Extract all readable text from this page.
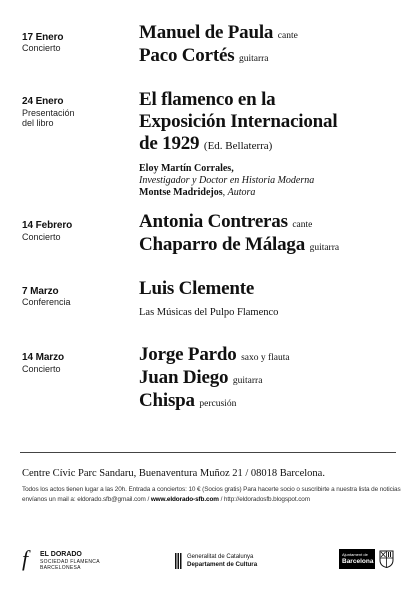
17 Enero
Concierto
Manuel de Paula cante
Paco Cortés guitarra
24 Enero
Presentación
del libro
El flamenco en la
Exposición Internacional
de 1929 (Ed. Bellaterra)
Eloy Martín Corrales,
Investigador y Doctor en Historia Moderna
Montse Madridejos, Autora
14 Febrero
Concierto
Antonia Contreras cante
Chaparro de Málaga guitarra
7 Marzo
Conferencia
Luis Clemente
Las Músicas del Pulpo Flamenco
14 Marzo
Concierto
Jorge Pardo saxo y flauta
Juan Diego guitarra
Chispa percusión
Centre Cívic Parc Sandaru, Buenaventura Muñoz 21 / 08018 Barcelona.
Todos los actos tienen lugar a las 20h. Entrada a conciertos: 10 € (Socios gratis) Para hacerte socio o suscribirte a nuestra lista de noticias envíanos un mail a: eldorado.sfb@gmail.com / www.eldorado-sfb.com / http://eldoradosfb.blogspot.com
f	EL DORADO
SOCIEDAD FLAMENCA
BARCELONESA
Generalitat de Catalunya
Departament de Cultura
Ajuntament de
Barcelona
